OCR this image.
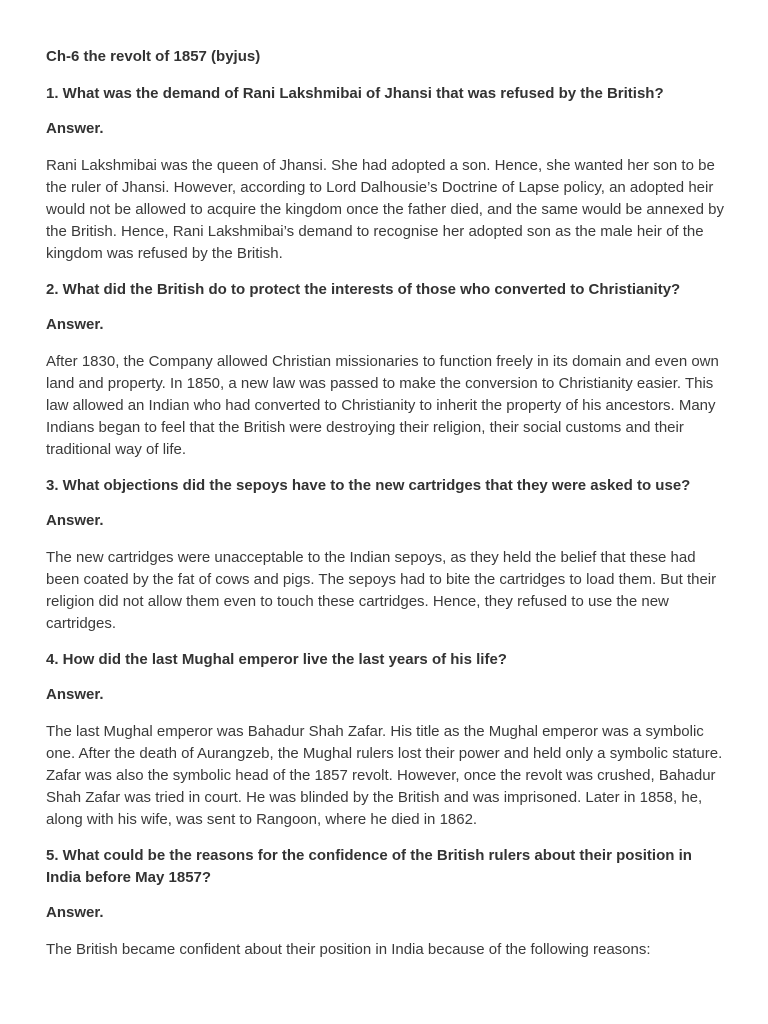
Ch-6 the revolt of 1857 (byjus)
1. What was the demand of Rani Lakshmibai of Jhansi that was refused by the British?
Answer.
Rani Lakshmibai was the queen of Jhansi. She had adopted a son. Hence, she wanted her son to be the ruler of Jhansi. However, according to Lord Dalhousie’s Doctrine of Lapse policy, an adopted heir would not be allowed to acquire the kingdom once the father died, and the same would be annexed by the British. Hence, Rani Lakshmibai’s demand to recognise her adopted son as the male heir of the kingdom was refused by the British.
2. What did the British do to protect the interests of those who converted to Christianity?
Answer.
After 1830, the Company allowed Christian missionaries to function freely in its domain and even own land and property. In 1850, a new law was passed to make the conversion to Christianity easier. This law allowed an Indian who had converted to Christianity to inherit the property of his ancestors. Many Indians began to feel that the British were destroying their religion, their social customs and their traditional way of life.
3. What objections did the sepoys have to the new cartridges that they were asked to use?
Answer.
The new cartridges were unacceptable to the Indian sepoys, as they held the belief that these had been coated by the fat of cows and pigs. The sepoys had to bite the cartridges to load them. But their religion did not allow them even to touch these cartridges. Hence, they refused to use the new cartridges.
4. How did the last Mughal emperor live the last years of his life?
Answer.
The last Mughal emperor was Bahadur Shah Zafar. His title as the Mughal emperor was a symbolic one. After the death of Aurangzeb, the Mughal rulers lost their power and held only a symbolic stature. Zafar was also the symbolic head of the 1857 revolt. However, once the revolt was crushed, Bahadur Shah Zafar was tried in court. He was blinded by the British and was imprisoned. Later in 1858, he, along with his wife, was sent to Rangoon, where he died in 1862.
5. What could be the reasons for the confidence of the British rulers about their position in India before May 1857?
Answer.
The British became confident about their position in India because of the following reasons:
